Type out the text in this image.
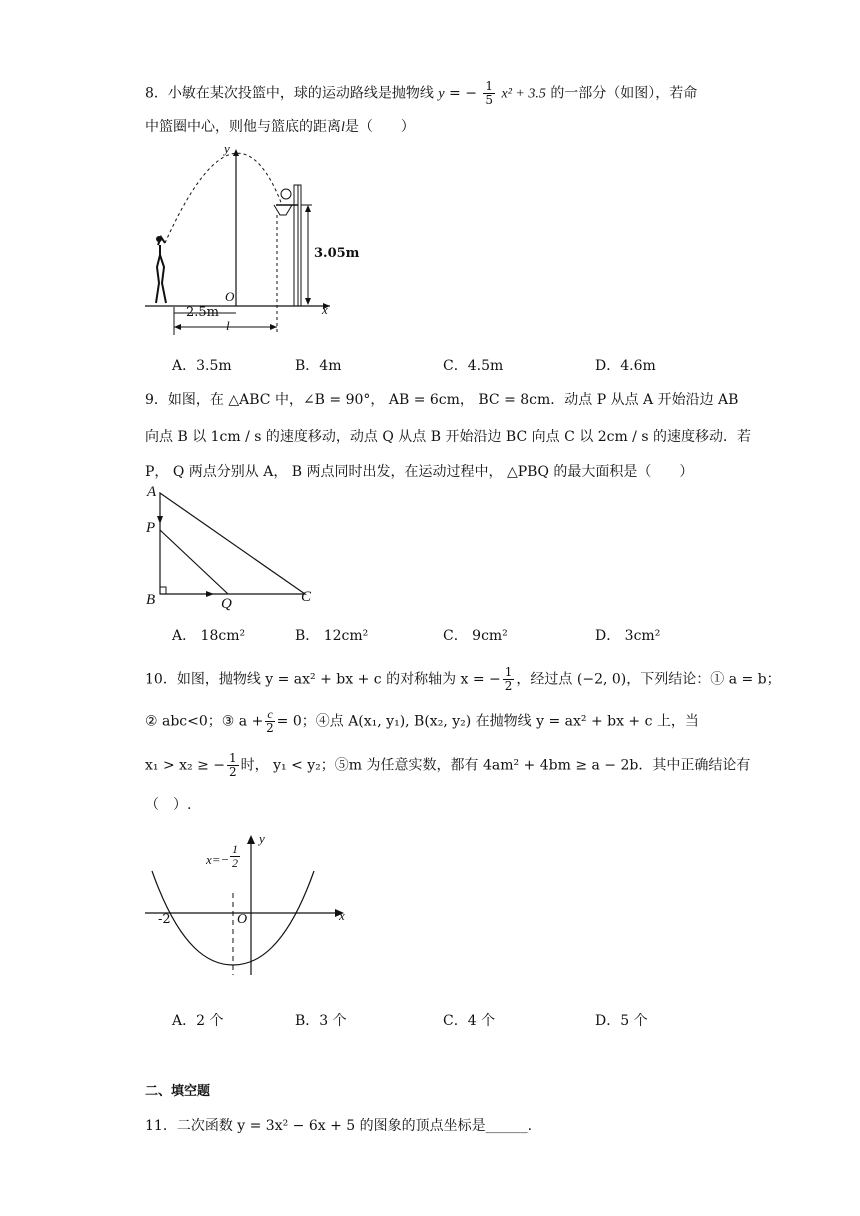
8．小敏在某次投篮中，球的运动路线是抛物线 y = − $\frac{1}{5} x^2 + 3.5$ 的一部分（如图），若命
中篮圈中心，则他与篮底的距离l是（　　）
y
x
O
3.05m
2.5m
l
A．3.5m	B．4m	C．4.5m	D．4.6m
9．如图，在 △ABC 中，∠B = 90°， AB = 6cm， BC = 8cm．动点 P 从点 A 开始沿边 AB
向点 B 以 1cm / s 的速度移动，动点 Q 从点 B 开始沿边 BC 向点 C 以 2cm / s 的速度移动．若
P， Q 两点分别从 A， B 两点同时出发，在运动过程中， △PBQ 的最大面积是（　　）
A
P
B	Q	C
A． 18cm²	B． 12cm²	C． 9cm²	D． 3cm²
10．如图，抛物线 y = ax² + bx + c 的对称轴为 x = − $\frac{1}{2}$ ，经过点 (−2, 0)，下列结论：① a = b；
② abc<0；③ $a + \frac{c}{2} = 0$；④点 A(x₁, y₁), B(x₂, y₂) 在抛物线 y = ax² + bx + c 上，当
x₁ > x₂ ≥ − $\frac{1}{2}$ 时， y₁ < y₂；⑤m 为任意实数，都有 4am² + 4bm ≥ a − 2b．其中正确结论有
（　）.
$x=- \frac{1}{2}$
y
x
O
-2
A．2 个	B．3 个	C．4 个	D．5 个
二、填空题
11．二次函数 y = 3x² − 6x + 5 的图象的顶点坐标是______.
